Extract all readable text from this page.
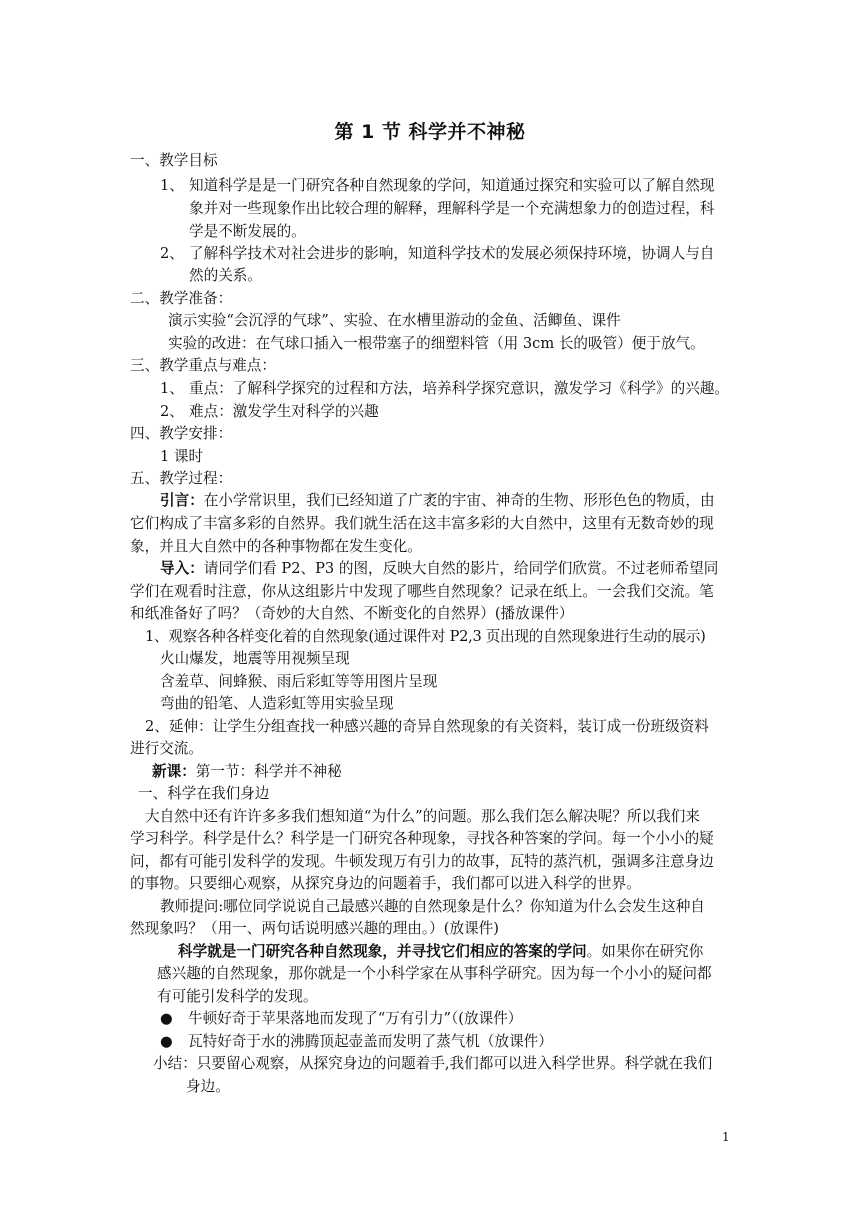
第 1 节 科学并不神秘
一、教学目标
1、 知道科学是是一门研究各种自然现象的学问，知道通过探究和实验可以了解自然现
象并对一些现象作出比较合理的解释，理解科学是一个充满想象力的创造过程，科
学是不断发展的。
2、 了解科学技术对社会进步的影响，知道科学技术的发展必须保持环境，协调人与自
然的关系。
二、教学准备：
演示实验“会沉浮的气球”、实验、在水槽里游动的金鱼、活鲫鱼、课件
实验的改进：在气球口插入一根带塞子的细塑料管（用 3cm 长的吸管）便于放气。
三、教学重点与难点：
1、 重点：了解科学探究的过程和方法，培养科学探究意识，激发学习《科学》的兴趣。
2、 难点：激发学生对科学的兴趣
四、教学安排：
1 课时
五、教学过程：
引言：在小学常识里，我们已经知道了广袤的宇宙、神奇的生物、形形色色的物质，由
它们构成了丰富多彩的自然界。我们就生活在这丰富多彩的大自然中，这里有无数奇妙的现
象，并且大自然中的各种事物都在发生变化。
导入：请同学们看 P2、P3 的图，反映大自然的影片，给同学们欣赏。不过老师希望同
学们在观看时注意，你从这组影片中发现了哪些自然现象？记录在纸上。一会我们交流。笔
和纸准备好了吗？（奇妙的大自然、不断变化的自然界）(播放课件）
1、观察各种各样变化着的自然现象(通过课件对 P2,3 页出现的自然现象进行生动的展示)
火山爆发，地震等用视频呈现
含羞草、间蜂猴、雨后彩虹等等用图片呈现
弯曲的铅笔、人造彩虹等用实验呈现
2、延伸：让学生分组查找一种感兴趣的奇异自然现象的有关资料，装订成一份班级资料
进行交流。
新课：第一节：科学并不神秘
一、科学在我们身边
大自然中还有许许多多我们想知道“为什么”的问题。那么我们怎么解决呢？所以我们来
学习科学。科学是什么？科学是一门研究各种现象，寻找各种答案的学问。每一个小小的疑
问，都有可能引发科学的发现。牛顿发现万有引力的故事，瓦特的蒸汽机，强调多注意身边
的事物。只要细心观察，从探究身边的问题着手，我们都可以进入科学的世界。
教师提问:哪位同学说说自己最感兴趣的自然现象是什么？你知道为什么会发生这种自
然现象吗？（用一、两句话说明感兴趣的理由。）(放课件)
科学就是一门研究各种自然现象，并寻找它们相应的答案的学问。如果你在研究你
感兴趣的自然现象，那你就是一个小科学家在从事科学研究。因为每一个小小的疑问都
有可能引发科学的发现。
● 牛顿好奇于苹果落地而发现了“万有引力”（(放课件）
● 瓦特好奇于水的沸腾顶起壶盖而发明了蒸气机（放课件）
小结：只要留心观察，从探究身边的问题着手,我们都可以进入科学世界。科学就在我们
身边。
1
